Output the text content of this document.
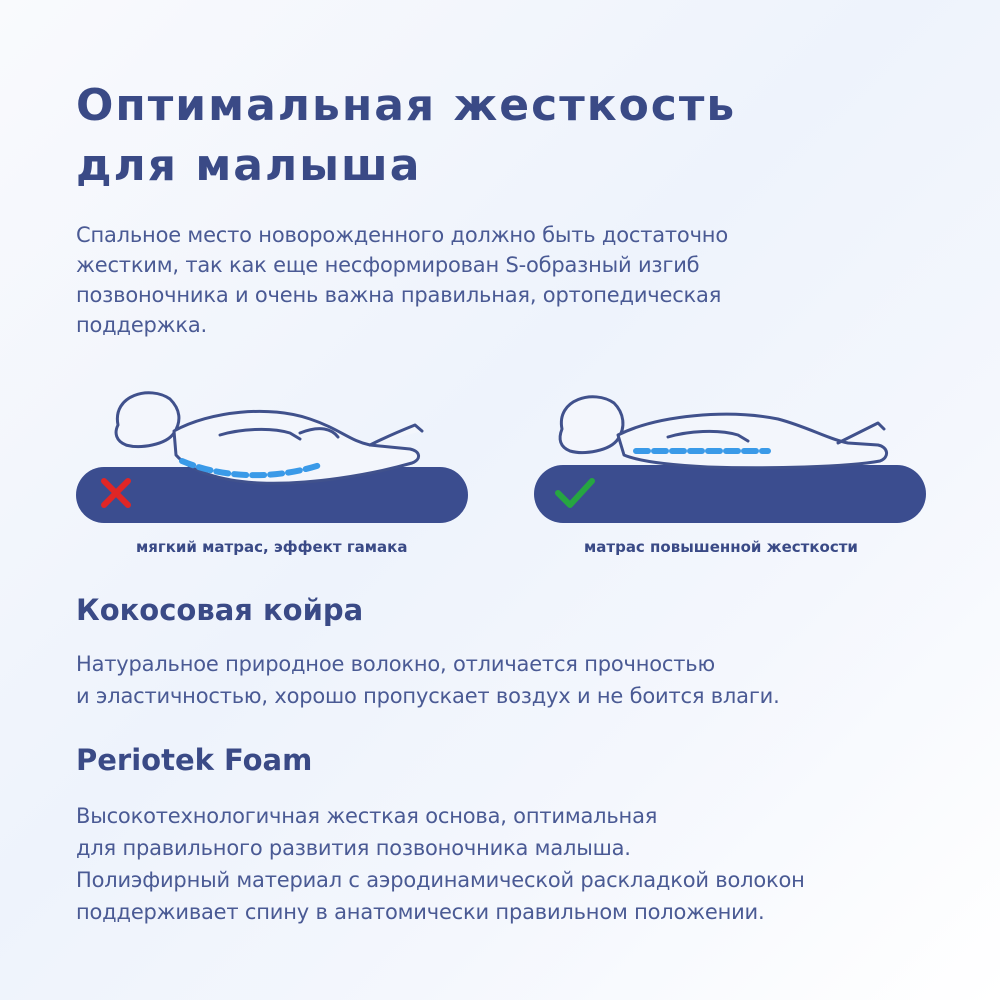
Оптимальная жесткость
для малыша

Спальное место новорожденного должно быть достаточно
жестким, так как еще несформирован S-образный изгиб
позвоночника и очень важна правильная, ортопедическая
поддержка.

мягкий матрас, эффект гамака	матрас повышенной жесткости
Кокосовая койра

Натуральное природное волокно, отличается прочностью
и эластичностью, хорошо пропускает воздух и не боится влаги.

Periotek Foam

Высокотехнологичная жесткая основа, оптимальная
для правильного развития позвоночника малыша.
Полиэфирный материал с аэродинамической раскладкой волокон
поддерживает спину в анатомически правильном положении.
